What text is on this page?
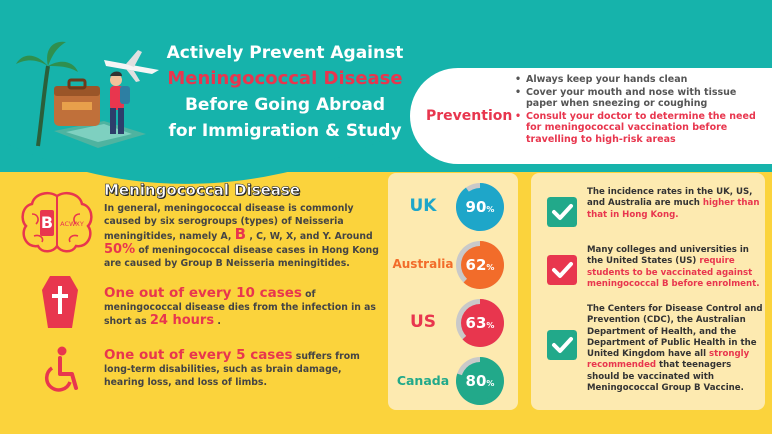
Actively Prevent Against
Meningococcal Disease
Before Going Abroad
for Immigration & Study
Prevention
• Always keep your hands clean
• Cover your mouth and nose with tissue paper when sneezing or coughing
• Consult your doctor to determine the need for meningococcal vaccination before travelling to high-risk areas
B ACWXY
Meningococcal Disease
In general, meningococcal disease is commonly caused by six serogroups (types) of Neisseria meningitides, namely A, B , C, W, X, and Y. Around 50% of meningococcal disease cases in Hong Kong are caused by Group B Neisseria meningitides.
One out of every 10 cases of meningococcal disease dies from the infection in as short as 24 hours .
One out of every 5 cases suffers from long-term disabilities, such as brain damage, hearing loss, and loss of limbs.
UK	90 %
Australia 62 %
US	63 %
Canada	80 %
The incidence rates in the UK, US, and Australia are much higher than that in Hong Kong.
Many colleges and universities in the United States (US) require students to be vaccinated against meningococcal B before enrolment.
The Centers for Disease Control and Prevention (CDC), the Australian Department of Health, and the Department of Public Health in the United Kingdom have all strongly recommended that teenagers should be vaccinated with Meningococcal Group B Vaccine.
